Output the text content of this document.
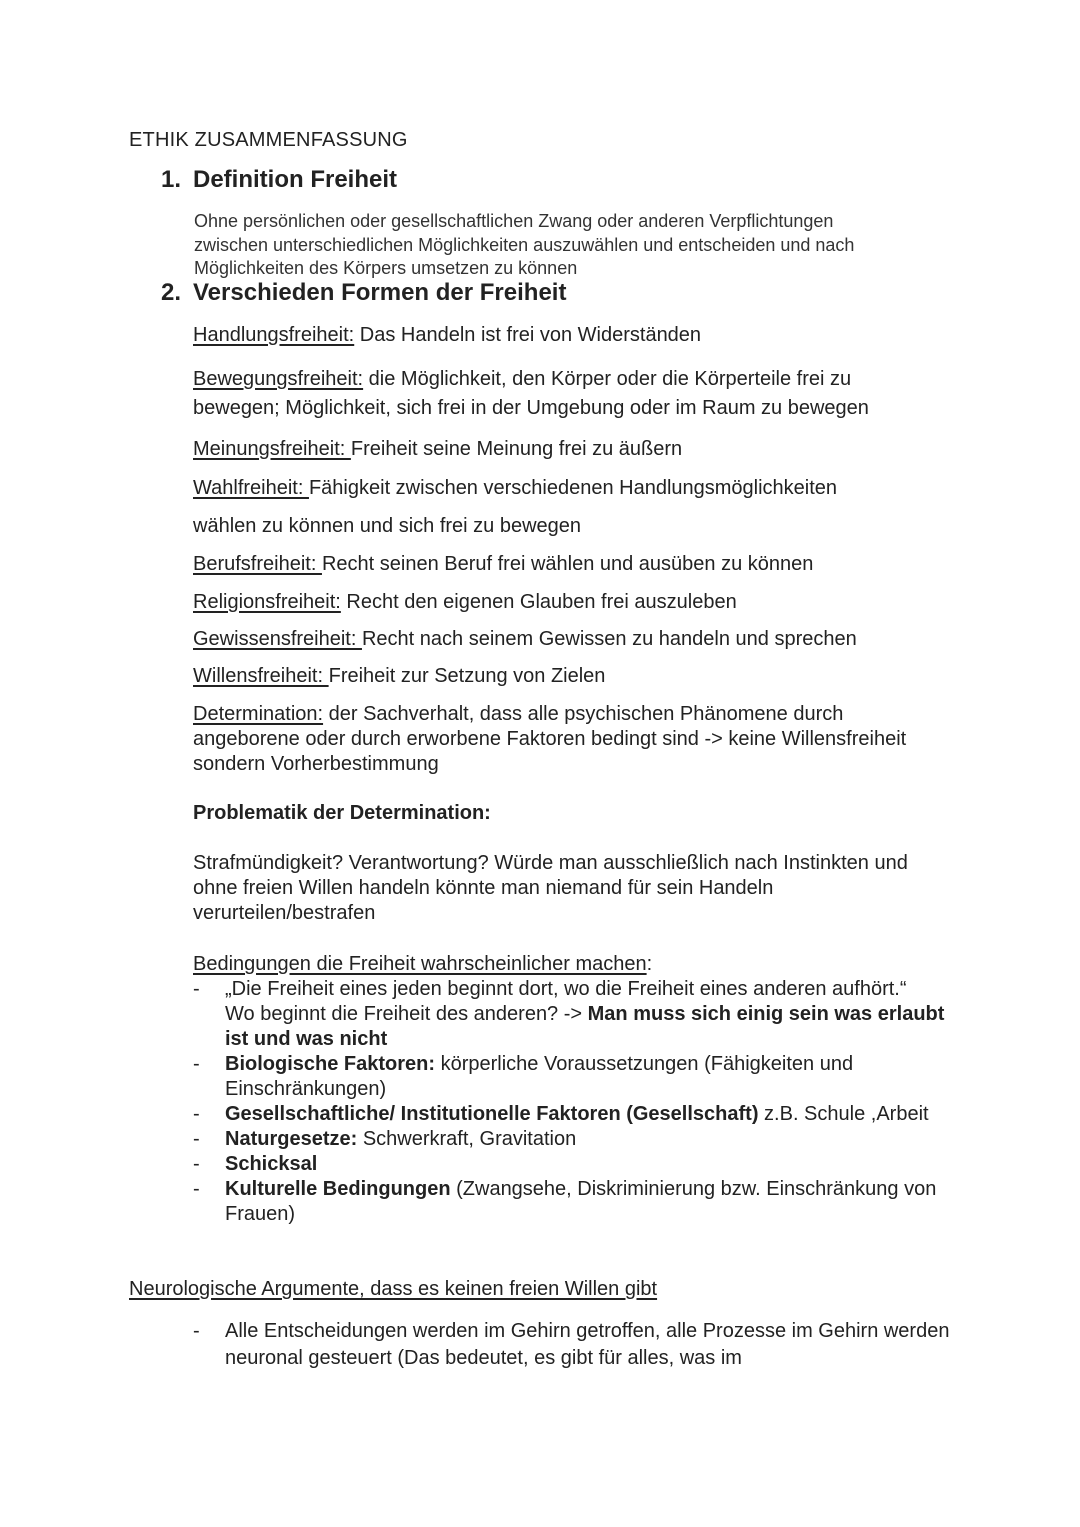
ETHIK ZUSAMMENFASSUNG
1. Definition Freiheit
Ohne persönlichen oder gesellschaftlichen Zwang oder anderen Verpflichtungen
zwischen unterschiedlichen Möglichkeiten auszuwählen und entscheiden und nach
Möglichkeiten des Körpers umsetzen zu können
2. Verschieden Formen der Freiheit
Handlungsfreiheit: Das Handeln ist frei von Widerständen
Bewegungsfreiheit: die Möglichkeit, den Körper oder die Körperteile frei zu
bewegen; Möglichkeit, sich frei in der Umgebung oder im Raum zu bewegen
Meinungsfreiheit: Freiheit seine Meinung frei zu äußern
Wahlfreiheit: Fähigkeit zwischen verschiedenen Handlungsmöglichkeiten
wählen zu können und sich frei zu bewegen
Berufsfreiheit: Recht seinen Beruf frei wählen und ausüben zu können
Religionsfreiheit: Recht den eigenen Glauben frei auszuleben
Gewissensfreiheit: Recht nach seinem Gewissen zu handeln und sprechen
Willensfreiheit: Freiheit zur Setzung von Zielen
Determination: der Sachverhalt, dass alle psychischen Phänomene durch angeborene oder durch erworbene Faktoren bedingt sind -> keine Willensfreiheit sondern Vorherbestimmung
Problematik der Determination:
Strafmündigkeit? Verantwortung? Würde man ausschließlich nach Instinkten und ohne freien Willen handeln könnte man niemand für sein Handeln verurteilen/bestrafen
Bedingungen die Freiheit wahrscheinlicher machen:
- „Die Freiheit eines jeden beginnt dort, wo die Freiheit eines anderen aufhört.“
Wo beginnt die Freiheit des anderen? -> Man muss sich einig sein was erlaubt ist und was nicht
- Biologische Faktoren: körperliche Voraussetzungen (Fähigkeiten und Einschränkungen)
- Gesellschaftliche/ Institutionelle Faktoren (Gesellschaft) z.B. Schule ,Arbeit
- Naturgesetze: Schwerkraft, Gravitation
- Schicksal
- Kulturelle Bedingungen (Zwangsehe, Diskriminierung bzw. Einschränkung von Frauen)
Neurologische Argumente, dass es keinen freien Willen gibt
- Alle Entscheidungen werden im Gehirn getroffen, alle Prozesse im Gehirn werden neuronal gesteuert (Das bedeutet, es gibt für alles, was im
